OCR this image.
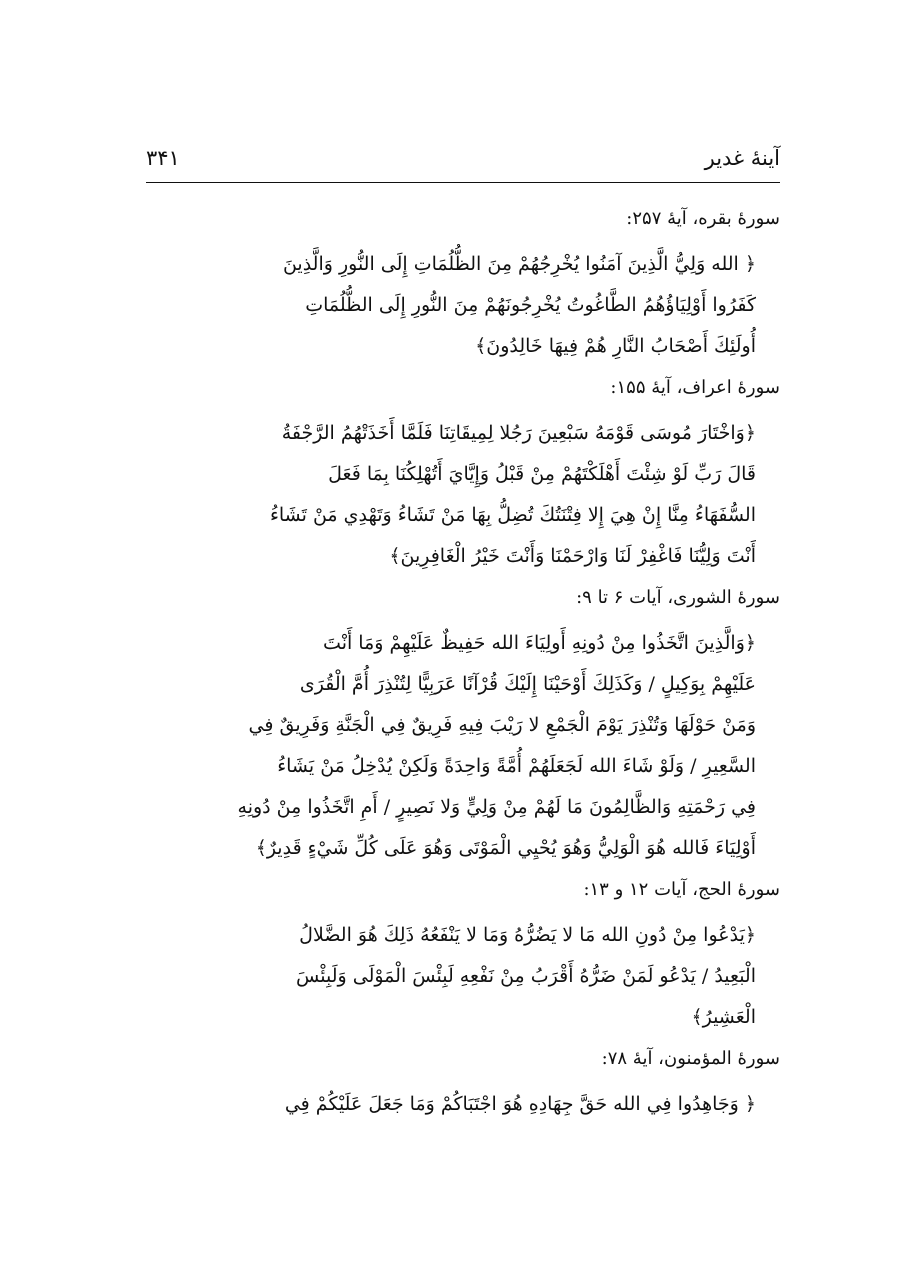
آينهٔ غدير
۳۴۱
سورهٔ بقره، آيهٔ ۲۵۷:
﴿ الله وَلِيُّ الَّذِينَ آمَنُوا يُخْرِجُهُمْ مِنَ الظُّلُمَاتِ إِلَى النُّورِ وَالَّذِينَ
كَفَرُوا أَوْلِيَاؤُهُمُ الطَّاغُوتُ يُخْرِجُونَهُمْ مِنَ النُّورِ إِلَى الظُّلُمَاتِ
أُولَئِكَ أَصْحَابُ النَّارِ هُمْ فِيهَا خَالِدُونَ﴾
سورهٔ اعراف، آيهٔ ۱۵۵:
﴿وَاخْتَارَ مُوسَى قَوْمَهُ سَبْعِينَ رَجُلا لِمِيقَاتِنَا فَلَمَّا أَخَذَتْهُمُ الرَّجْفَةُ
قَالَ رَبِّ لَوْ شِئْتَ أَهْلَكْتَهُمْ مِنْ قَبْلُ وَإِيَّايَ أَتُهْلِكُنَا بِمَا فَعَلَ
السُّفَهَاءُ مِنَّا إِنْ هِيَ إِلا فِتْنَتُكَ تُضِلُّ بِهَا مَنْ تَشَاءُ وَتَهْدِي مَنْ تَشَاءُ
أَنْتَ وَلِيُّنَا فَاغْفِرْ لَنَا وَارْحَمْنَا وَأَنْتَ خَيْرُ الْغَافِرِينَ﴾
سورهٔ الشورى، آيات ۶ تا ۹:
﴿وَالَّذِينَ اتَّخَذُوا مِنْ دُونِهِ أَولِيَاءَ الله حَفِيظٌ عَلَيْهِمْ وَمَا أَنْتَ
عَلَيْهِمْ بِوَكِيلٍ / وَكَذَلِكَ أَوْحَيْنَا إِلَيْكَ قُرْآنًا عَرَبِيًّا لِتُنْذِرَ أُمَّ الْقُرَى
وَمَنْ حَوْلَهَا وَتُنْذِرَ يَوْمَ الْجَمْعِ لا رَيْبَ فِيهِ فَرِيقٌ فِي الْجَنَّةِ وَفَرِيقٌ فِي
السَّعِيرِ / وَلَوْ شَاءَ الله لَجَعَلَهُمْ أُمَّةً وَاحِدَةً وَلَكِنْ يُدْخِلُ مَنْ يَشَاءُ
فِي رَحْمَتِهِ وَالظَّالِمُونَ مَا لَهُمْ مِنْ وَلِيٍّ وَلا نَصِيرٍ / أَمِ اتَّخَذُوا مِنْ دُونِهِ
أَوْلِيَاءَ فَالله هُوَ الْوَلِيُّ وَهُوَ يُحْيِي الْمَوْتَى وَهُوَ عَلَى كُلِّ شَيْءٍ قَدِيرٌ﴾
سورهٔ الحج، آيات ۱۲ و ۱۳:
﴿يَدْعُوا مِنْ دُونِ الله مَا لا يَضُرُّهُ وَمَا لا يَنْفَعُهُ ذَلِكَ هُوَ الضَّلالُ
الْبَعِيدُ / يَدْعُو لَمَنْ ضَرُّهُ أَقْرَبُ مِنْ نَفْعِهِ لَبِئْسَ الْمَوْلَى وَلَبِئْسَ
الْعَشِيرُ﴾
سورهٔ المؤمنون، آيهٔ ۷۸:
﴿ وَجَاهِدُوا فِي الله حَقَّ جِهَادِهِ هُوَ اجْتَبَاكُمْ وَمَا جَعَلَ عَلَيْكُمْ فِي
